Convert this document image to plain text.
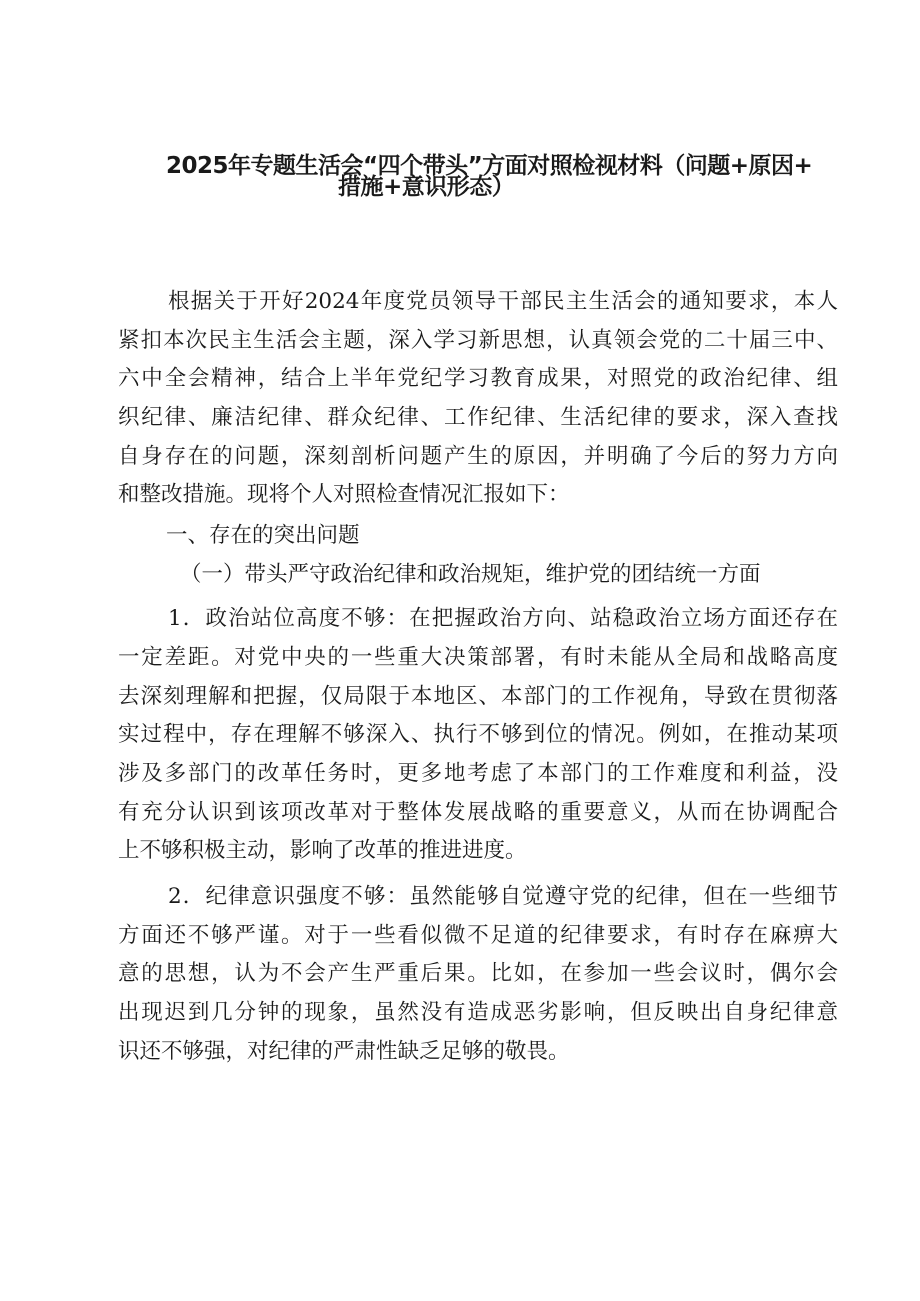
2025年专题生活会“四个带头”方面对照检视材料（问题+原因+
措施+意识形态）
根据关于开好2024年度党员领导干部民主生活会的通知要求，本人
紧扣本次民主生活会主题，深入学习新思想，认真领会党的二十届三中、
六中全会精神，结合上半年党纪学习教育成果，对照党的政治纪律、组
织纪律、廉洁纪律、群众纪律、工作纪律、生活纪律的要求，深入查找
自身存在的问题，深刻剖析问题产生的原因，并明确了今后的努力方向
和整改措施。现将个人对照检查情况汇报如下：
一、存在的突出问题
（一）带头严守政治纪律和政治规矩，维护党的团结统一方面
1．政治站位高度不够：在把握政治方向、站稳政治立场方面还存在
一定差距。对党中央的一些重大决策部署，有时未能从全局和战略高度
去深刻理解和把握，仅局限于本地区、本部门的工作视角，导致在贯彻落
实过程中，存在理解不够深入、执行不够到位的情况。例如，在推动某项
涉及多部门的改革任务时，更多地考虑了本部门的工作难度和利益，没
有充分认识到该项改革对于整体发展战略的重要意义，从而在协调配合
上不够积极主动，影响了改革的推进进度。
2．纪律意识强度不够：虽然能够自觉遵守党的纪律，但在一些细节
方面还不够严谨。对于一些看似微不足道的纪律要求，有时存在麻痹大
意的思想，认为不会产生严重后果。比如，在参加一些会议时，偶尔会
出现迟到几分钟的现象，虽然没有造成恶劣影响，但反映出自身纪律意
识还不够强，对纪律的严肃性缺乏足够的敬畏。
